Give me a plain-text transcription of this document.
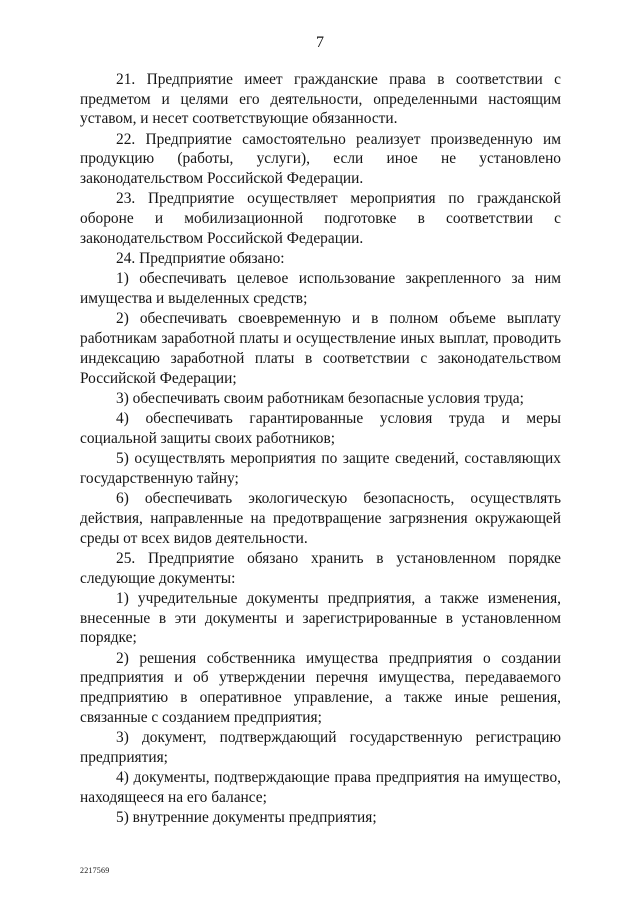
7

21. Предприятие имеет гражданские права в соответствии с предметом и целями его деятельности, определенными настоящим уставом, и несет соответствующие обязанности.

22. Предприятие самостоятельно реализует произведенную им продукцию (работы, услуги), если иное не установлено законодательством Российской Федерации.

23. Предприятие осуществляет мероприятия по гражданской обороне и мобилизационной подготовке в соответствии с законодательством Российской Федерации.

24. Предприятие обязано:

1) обеспечивать целевое использование закрепленного за ним имущества и выделенных средств;

2) обеспечивать своевременную и в полном объеме выплату работникам заработной платы и осуществление иных выплат, проводить индексацию заработной платы в соответствии с законодательством Российской Федерации;

3) обеспечивать своим работникам безопасные условия труда;

4) обеспечивать гарантированные условия труда и меры социальной защиты своих работников;

5) осуществлять мероприятия по защите сведений, составляющих государственную тайну;

6) обеспечивать экологическую безопасность, осуществлять действия, направленные на предотвращение загрязнения окружающей среды от всех видов деятельности.

25. Предприятие обязано хранить в установленном порядке следующие документы:

1) учредительные документы предприятия, а также изменения, внесенные в эти документы и зарегистрированные в установленном порядке;

2) решения собственника имущества предприятия о создании предприятия и об утверждении перечня имущества, передаваемого предприятию в оперативное управление, а также иные решения, связанные с созданием предприятия;

3) документ, подтверждающий государственную регистрацию предприятия;

4) документы, подтверждающие права предприятия на имущество, находящееся на его балансе;

5) внутренние документы предприятия;

2217569
